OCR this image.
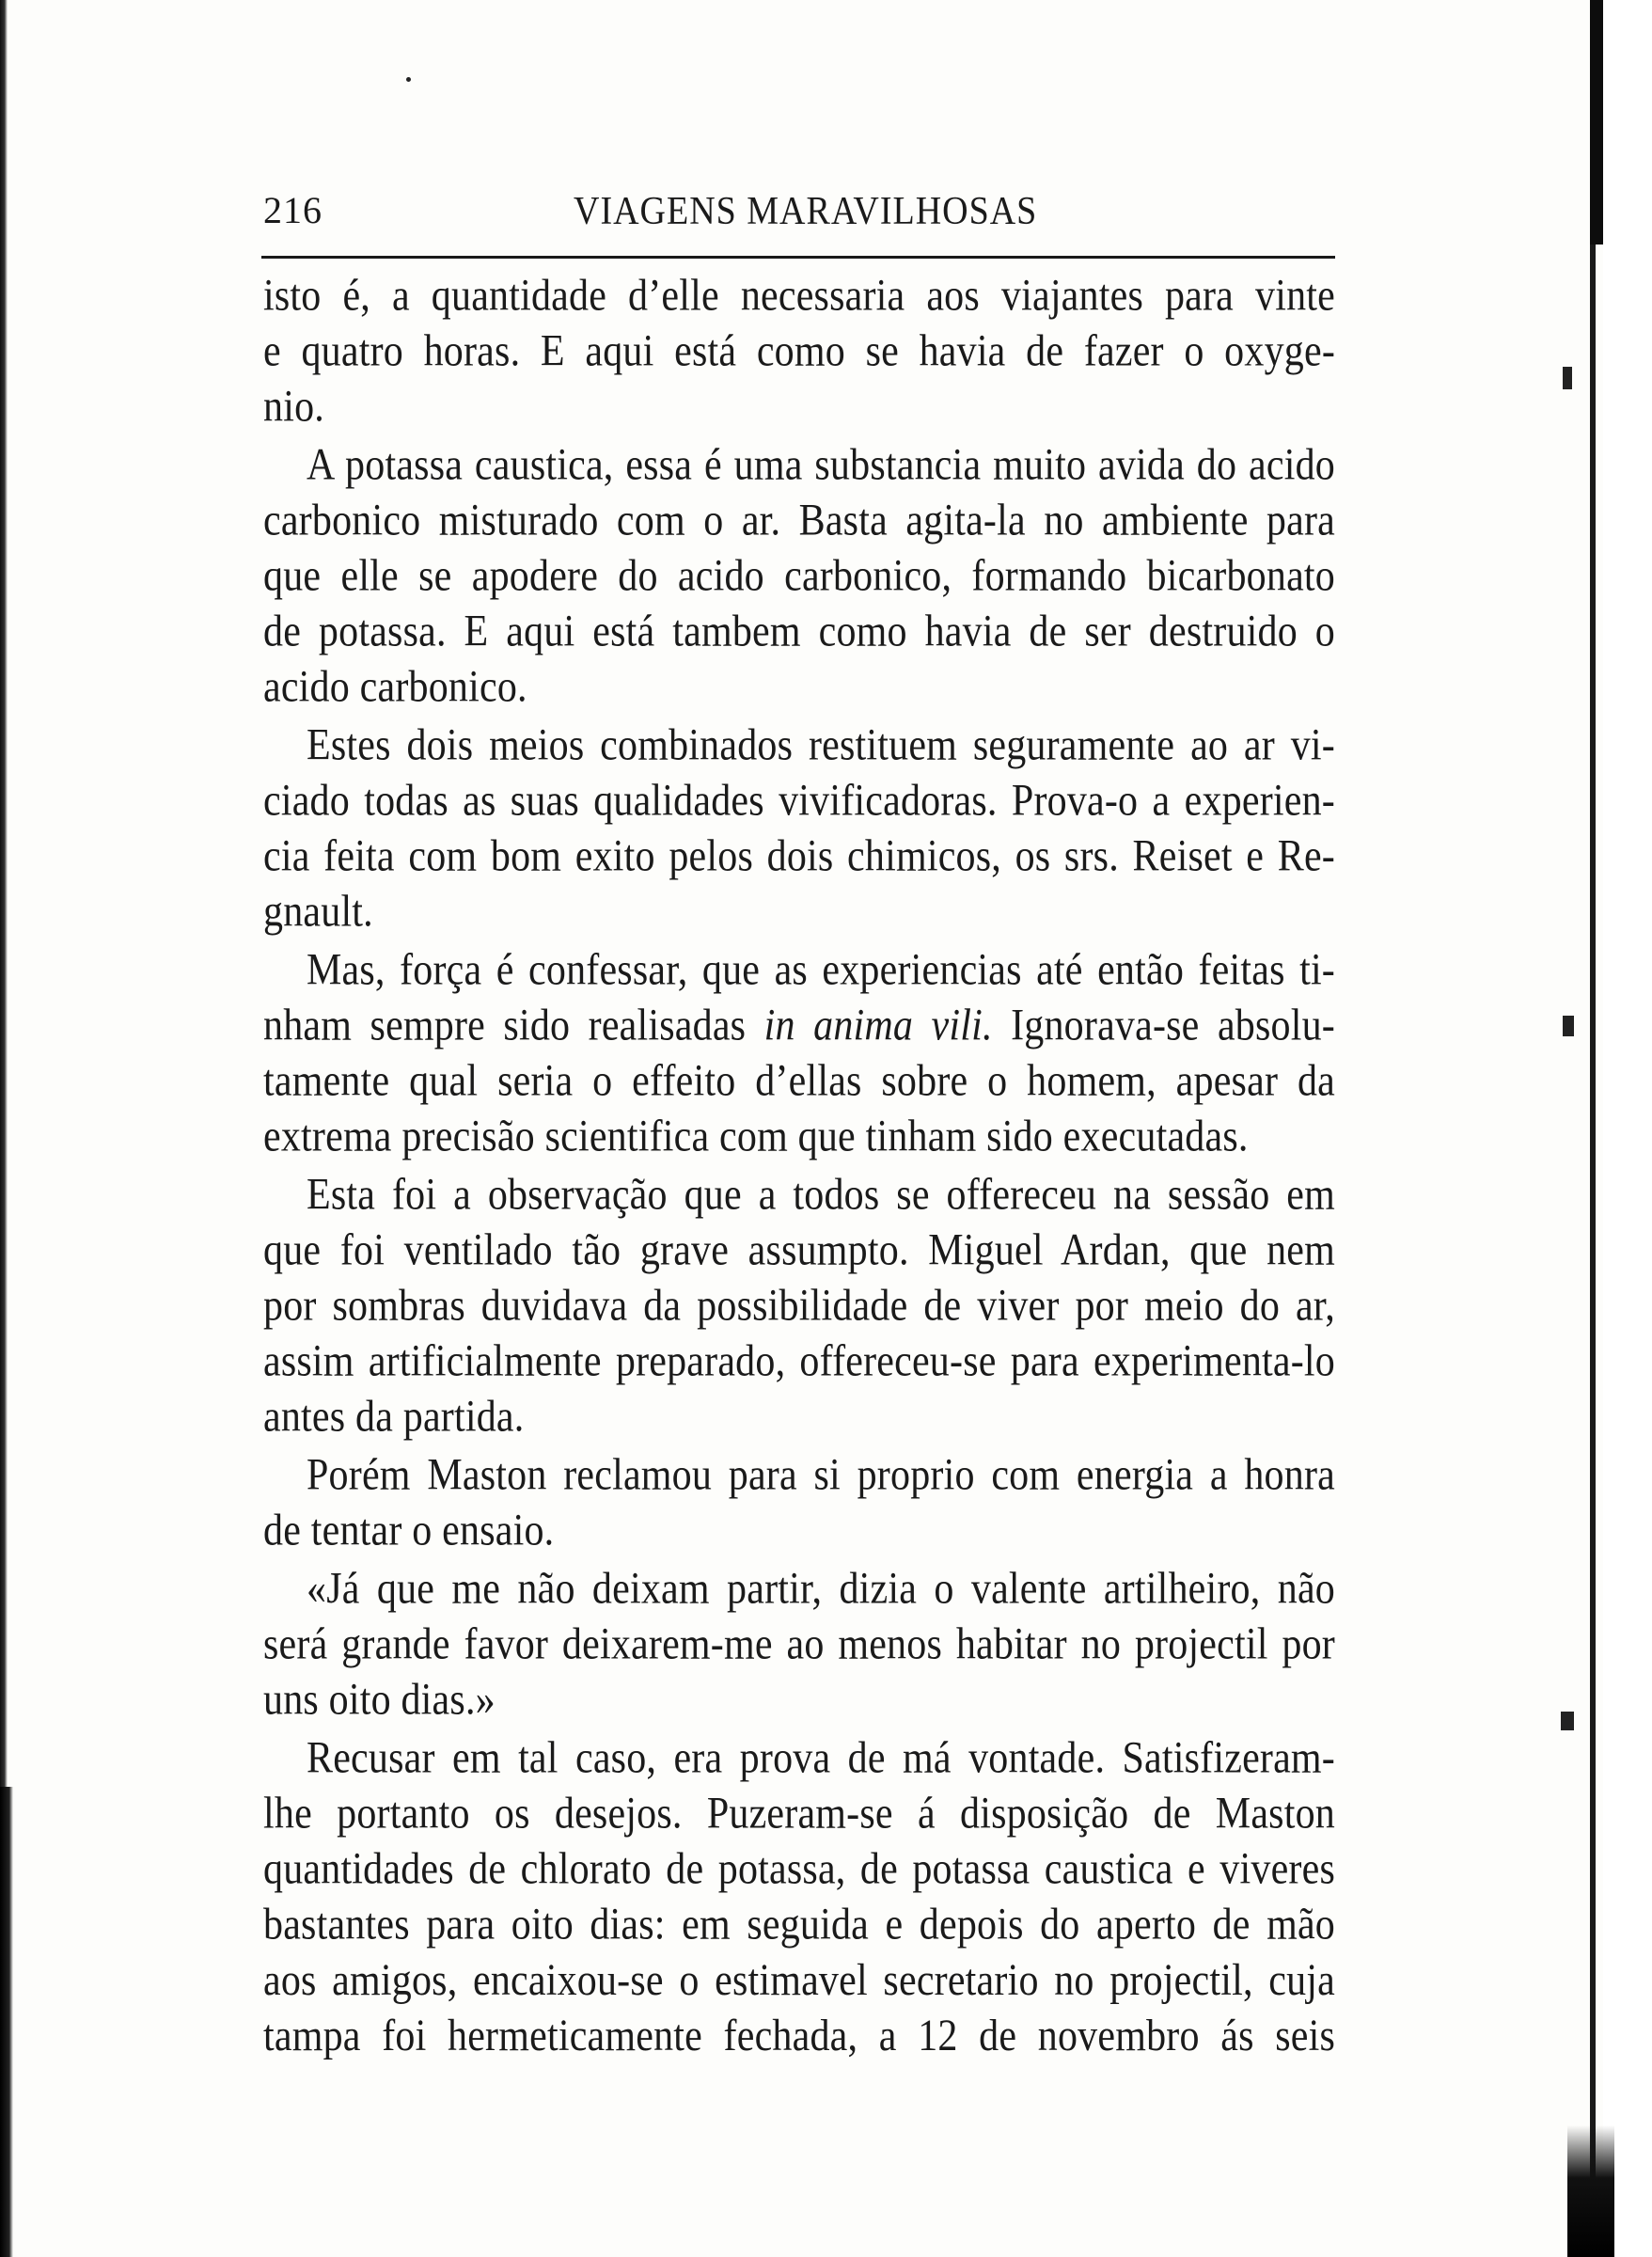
216	VIAGENS MARAVILHOSAS
isto é, a quantidade d’elle necessaria aos viajantes para vinte
e quatro horas. E aqui está como se havia de fazer o oxyge-
nio.
A potassa caustica, essa é uma substancia muito avida do acido
carbonico misturado com o ar. Basta agita-la no ambiente para
que elle se apodere do acido carbonico, formando bicarbonato
de potassa. E aqui está tambem como havia de ser destruido o
acido carbonico.
Estes dois meios combinados restituem seguramente ao ar vi-
ciado todas as suas qualidades vivificadoras. Prova-o a experien-
cia feita com bom exito pelos dois chimicos, os srs. Reiset e Re-
gnault.
Mas, força é confessar, que as experiencias até então feitas ti-
nham sempre sido realisadas in anima vili. Ignorava-se absolu-
tamente qual seria o effeito d’ellas sobre o homem, apesar da
extrema precisão scientifica com que tinham sido executadas.
Esta foi a observação que a todos se offereceu na sessão em
que foi ventilado tão grave assumpto. Miguel Ardan, que nem
por sombras duvidava da possibilidade de viver por meio do ar,
assim artificialmente preparado, offereceu-se para experimenta-lo
antes da partida.
Porém Maston reclamou para si proprio com energia a honra
de tentar o ensaio.
«Já que me não deixam partir, dizia o valente artilheiro, não
será grande favor deixarem-me ao menos habitar no projectil por
uns oito dias.»
Recusar em tal caso, era prova de má vontade. Satisfizeram-
lhe portanto os desejos. Puzeram-se á disposição de Maston
quantidades de chlorato de potassa, de potassa caustica e viveres
bastantes para oito dias: em seguida e depois do aperto de mão
aos amigos, encaixou-se o estimavel secretario no projectil, cuja
tampa foi hermeticamente fechada, a 12 de novembro ás seis
